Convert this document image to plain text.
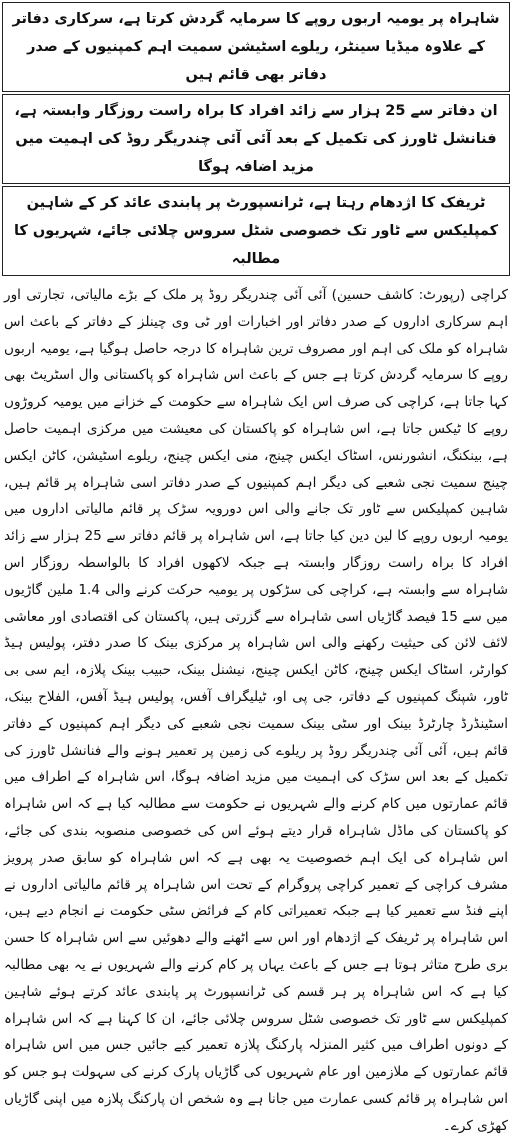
شاہراہ پر یومیہ اربوں روپے کا سرمایہ گردش کرتا ہے، سرکاری دفاتر کے علاوہ میڈیا سینٹر، ریلوے اسٹیشن سمیت اہم کمپنیوں کے صدر دفاتر بھی قائم ہیں

ان دفاتر سے 25 ہزار سے زائد افراد کا براہ راست روزگار وابستہ ہے، فنانشل ٹاورز کی تکمیل کے بعد آئی آئی چندریگر روڈ کی اہمیت میں مزید اضافہ ہوگا

ٹریفک کا اژدھام رہتا ہے، ٹرانسپورٹ پر پابندی عائد کر کے شاہین کمپلیکس سے ٹاور تک خصوصی شٹل سروس چلائی جائے، شہریوں کا مطالبہ

کراچی (رپورٹ: کاشف حسین) آئی آئی چندریگر روڈ پر ملک کے بڑے مالیاتی، تجارتی اور اہم سرکاری اداروں کے صدر دفاتر اور اخبارات اور ٹی وی چینلز کے دفاتر کے باعث اس شاہراہ کو ملک کی اہم اور مصروف ترین شاہراہ کا درجہ حاصل ہوگیا ہے، یومیہ اربوں روپے کا سرمایہ گردش کرتا ہے جس کے باعث اس شاہراہ کو پاکستانی وال اسٹریٹ بھی کہا جاتا ہے، کراچی کی صرف اس ایک شاہراہ سے حکومت کے خزانے میں یومیہ کروڑوں روپے کا ٹیکس جاتا ہے، اس شاہراہ کو پاکستان کی معیشت میں مرکزی اہمیت حاصل ہے، بینکنگ، انشورنس، اسٹاک ایکس چینج، منی ایکس چینج، ریلوے اسٹیشن، کاٹن ایکس چینج سمیت نجی شعبے کی دیگر اہم کمپنیوں کے صدر دفاتر اسی شاہراہ پر قائم ہیں، شاہین کمپلیکس سے ٹاور تک جانے والی اس دورویہ سڑک پر قائم مالیاتی اداروں میں یومیہ اربوں روپے کا لین دین کیا جاتا ہے، اس شاہراہ پر قائم دفاتر سے 25 ہزار سے زائد افراد کا براہ راست روزگار وابستہ ہے جبکہ لاکھوں افراد کا بالواسطہ روزگار اس شاہراہ سے وابستہ ہے، کراچی کی سڑکوں پر یومیہ حرکت کرنے والی 1.4 ملین گاڑیوں میں سے 15 فیصد گاڑیاں اسی شاہراہ سے گزرتی ہیں، پاکستان کی اقتصادی اور معاشی لائف لائن کی حیثیت رکھنے والی اس شاہراہ پر مرکزی بینک کا صدر دفتر، پولیس ہیڈ کوارٹر، اسٹاک ایکس چینج، کاٹن ایکس چینج، نیشنل بینک، حبیب بینک پلازہ، ایم سی بی ٹاور، شپنگ کمپنیوں کے دفاتر، جی پی او، ٹیلیگراف آفس، پولیس ہیڈ آفس، الفلاح بینک، اسٹینڈرڈ چارٹرڈ بینک اور سٹی بینک سمیت نجی شعبے کی دیگر اہم کمپنیوں کے دفاتر قائم ہیں، آئی آئی چندریگر روڈ پر ریلوے کی زمین پر تعمیر ہونے والے فنانشل ٹاورز کی تکمیل کے بعد اس سڑک کی اہمیت میں مزید اضافہ ہوگا، اس شاہراہ کے اطراف میں قائم عمارتوں میں کام کرنے والے شہریوں نے حکومت سے مطالبہ کیا ہے کہ اس شاہراہ کو پاکستان کی ماڈل شاہراہ قرار دیتے ہوئے اس کی خصوصی منصوبہ بندی کی جائے، اس شاہراہ کی ایک اہم خصوصیت یہ بھی ہے کہ اس شاہراہ کو سابق صدر پرویز مشرف کراچی کے تعمیر کراچی پروگرام کے تحت اس شاہراہ پر قائم مالیاتی اداروں نے اپنے فنڈ سے تعمیر کیا ہے جبکہ تعمیراتی کام کے فرائض سٹی حکومت نے انجام دیے ہیں، اس شاہراہ پر ٹریفک کے اژدھام اور اس سے اٹھنے والے دھوئیں سے اس شاہراہ کا حسن بری طرح متاثر ہوتا ہے جس کے باعث یہاں پر کام کرنے والے شہریوں نے یہ بھی مطالبہ کیا ہے کہ اس شاہراہ پر ہر قسم کی ٹرانسپورٹ پر پابندی عائد کرتے ہوئے شاہین کمپلیکس سے ٹاور تک خصوصی شٹل سروس چلائی جائے، ان کا کہنا ہے کہ اس شاہراہ کے دونوں اطراف میں کثیر المنزلہ پارکنگ پلازہ تعمیر کیے جائیں جس میں اس شاہراہ قائم عمارتوں کے ملازمین اور عام شہریوں کی گاڑیاں پارک کرنے کی سہولت ہو جس کو اس شاہراہ پر قائم کسی عمارت میں جانا ہے وہ شخص ان پارکنگ پلازہ میں اپنی گاڑیاں کھڑی کرے۔
